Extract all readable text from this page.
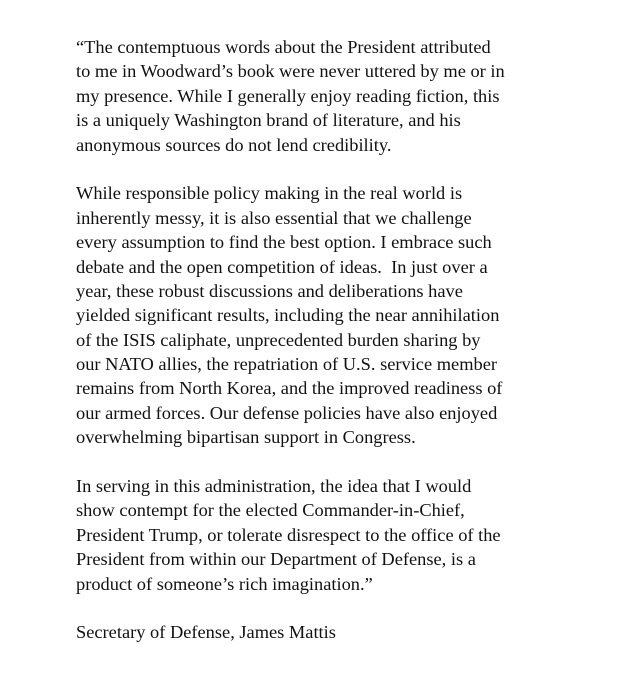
“The contemptuous words about the President attributed
to me in Woodward’s book were never uttered by me or in
my presence. While I generally enjoy reading fiction, this
is a uniquely Washington brand of literature, and his
anonymous sources do not lend credibility.
While responsible policy making in the real world is
inherently messy, it is also essential that we challenge
every assumption to find the best option. I embrace such
debate and the open competition of ideas.  In just over a
year, these robust discussions and deliberations have
yielded significant results, including the near annihilation
of the ISIS caliphate, unprecedented burden sharing by
our NATO allies, the repatriation of U.S. service member
remains from North Korea, and the improved readiness of
our armed forces. Our defense policies have also enjoyed
overwhelming bipartisan support in Congress.
In serving in this administration, the idea that I would
show contempt for the elected Commander-in-Chief,
President Trump, or tolerate disrespect to the office of the
President from within our Department of Defense, is a
product of someone’s rich imagination.”
Secretary of Defense, James Mattis
